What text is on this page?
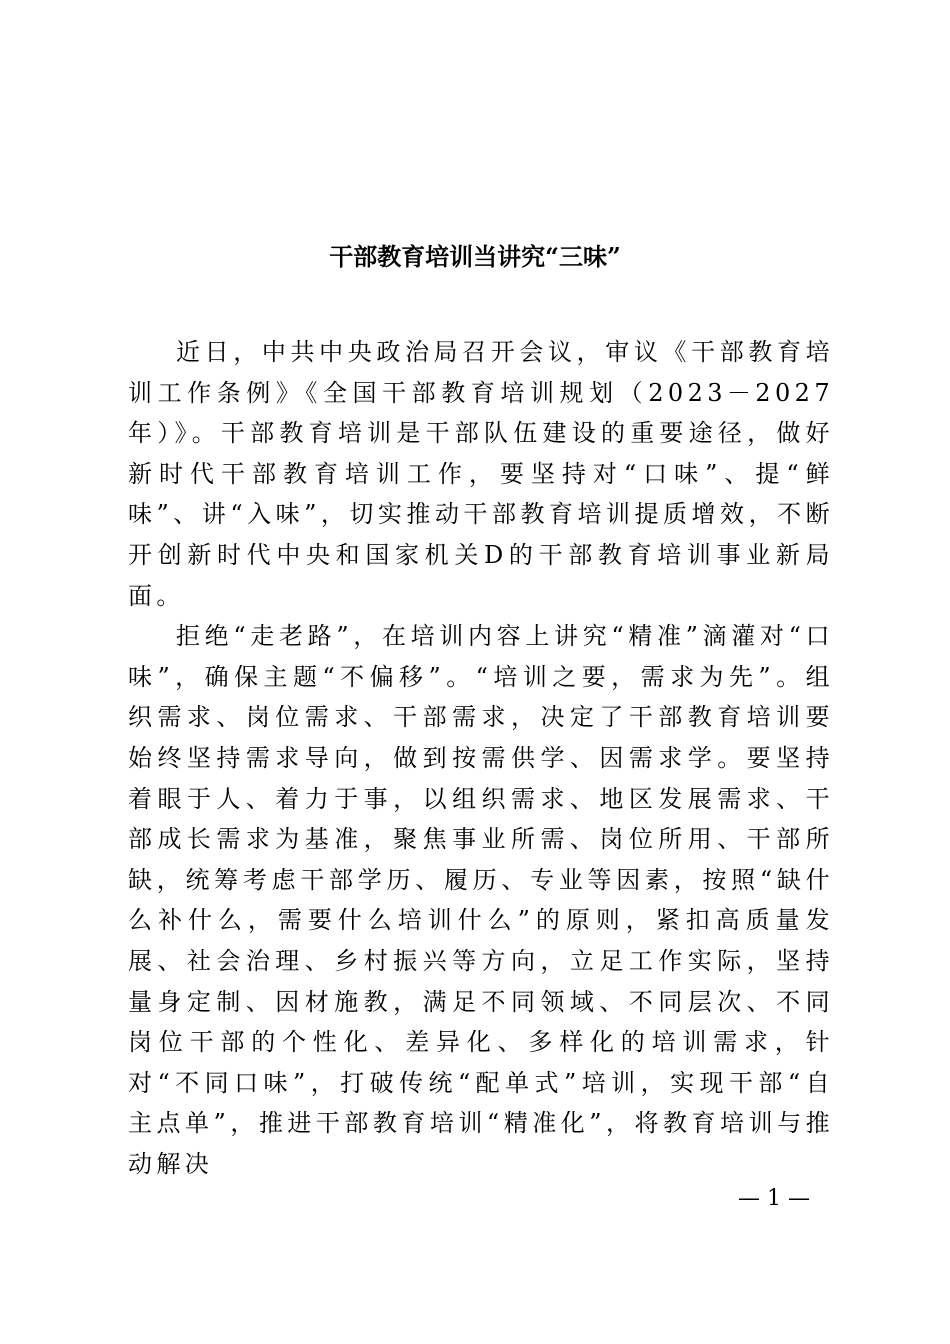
干部教育培训当讲究“三味”

近日，中共中央政治局召开会议，审议《干部教育培训工作条例》《全国干部教育培训规划（2023－2027年）》。干部教育培训是干部队伍建设的重要途径，做好新时代干部教育培训工作，要坚持对“口味”、提“鲜味”、讲“入味”，切实推动干部教育培训提质增效，不断开创新时代中央和国家机关D的干部教育培训事业新局面。

拒绝“走老路”，在培训内容上讲究“精准”滴灌对“口味”，确保主题“不偏移”。“培训之要，需求为先”。组织需求、岗位需求、干部需求，决定了干部教育培训要始终坚持需求导向，做到按需供学、因需求学。要坚持着眼于人、着力于事，以组织需求、地区发展需求、干部成长需求为基准，聚焦事业所需、岗位所用、干部所缺，统筹考虑干部学历、履历、专业等因素，按照“缺什么补什么，需要什么培训什么”的原则，紧扣高质量发展、社会治理、乡村振兴等方向，立足工作实际，坚持量身定制、因材施教，满足不同领域、不同层次、不同岗位干部的个性化、差异化、多样化的培训需求，针对“不同口味”，打破传统“配单式”培训，实现干部“自主点单”，推进干部教育培训“精准化”，将教育培训与推动解决

— 1 —
